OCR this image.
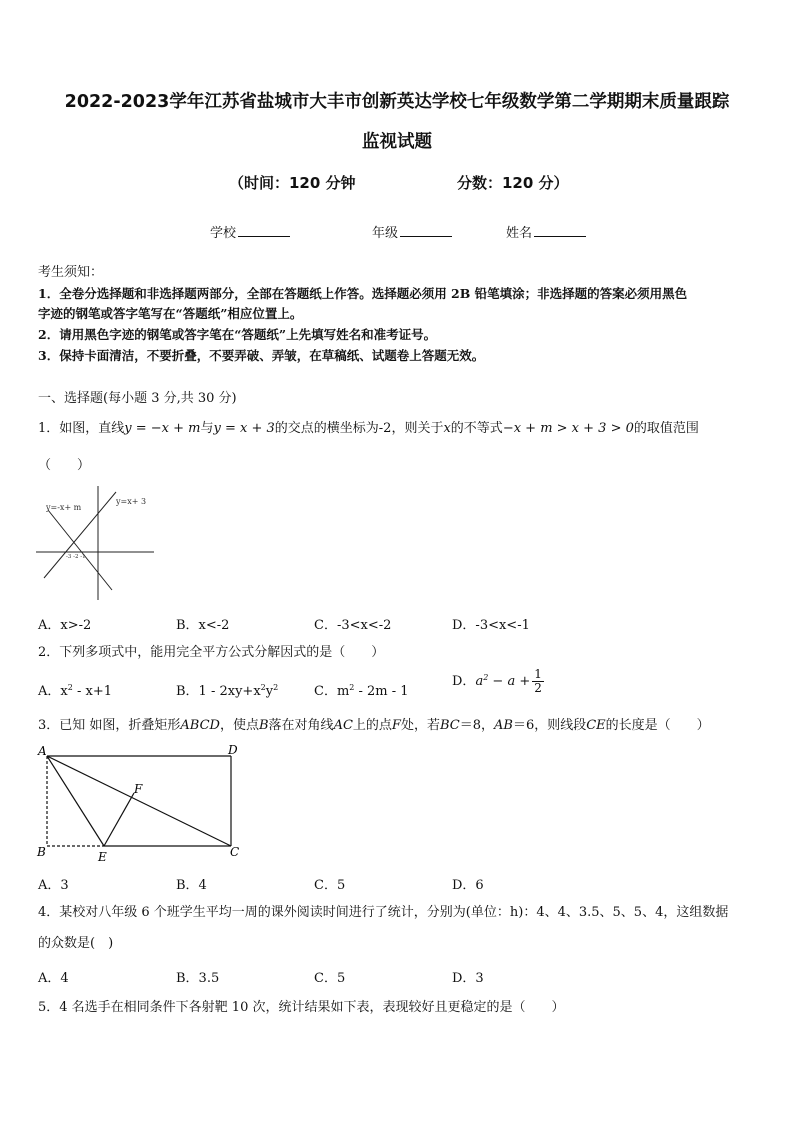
2022-2023学年江苏省盐城市大丰市创新英达学校七年级数学第二学期期末质量跟踪
监视试题
（时间：120 分钟	分数：120 分）
学校	年级	姓名
考生须知：
1．全卷分选择题和非选择题两部分，全部在答题纸上作答。选择题必须用 2B 铅笔填涂；非选择题的答案必须用黑色
字迹的钢笔或答字笔写在“答题纸”相应位置上。
2．请用黑色字迹的钢笔或答字笔在“答题纸”上先填写姓名和准考证号。
3．保持卡面清洁，不要折叠，不要弄破、弄皱，在草稿纸、试题卷上答题无效。
一、选择题(每小题 3 分,共 30 分)
1．如图，直线y = −x + m与y = x + 3的交点的横坐标为-2，则关于x的不等式−x + m > x + 3 > 0的取值范围
（　　）
y=-x+ m
y=x+ 3
-3 -2 -1
A．x>-2	B．x<-2	C．-3<x<-2	D．-3<x<-1
2．下列多项式中，能用完全平方公式分解因式的是（　　）
A．$x^2 - x+1$	B．$1 - 2xy+x^2y^2$	C．$m^2 - 2m - 1$
D．$a^2 - a + \frac{1}{2}$
3．已知 如图，折叠矩形ABCD，使点B落在对角线AC上的点F处，若BC＝8，AB＝6，则线段CE的长度是（　　）
A	D
C
B	E
F
A．3	B．4	C．5	D．6
4．某校对八年级 6 个班学生平均一周的课外阅读时间进行了统计，分别为(单位：h)：4、4、3.5、5、5、4，这组数据
的众数是(　)
A．4	B．3.5	C．5	D．3
5．4 名选手在相同条件下各射靶 10 次，统计结果如下表，表现较好且更稳定的是（　　）
